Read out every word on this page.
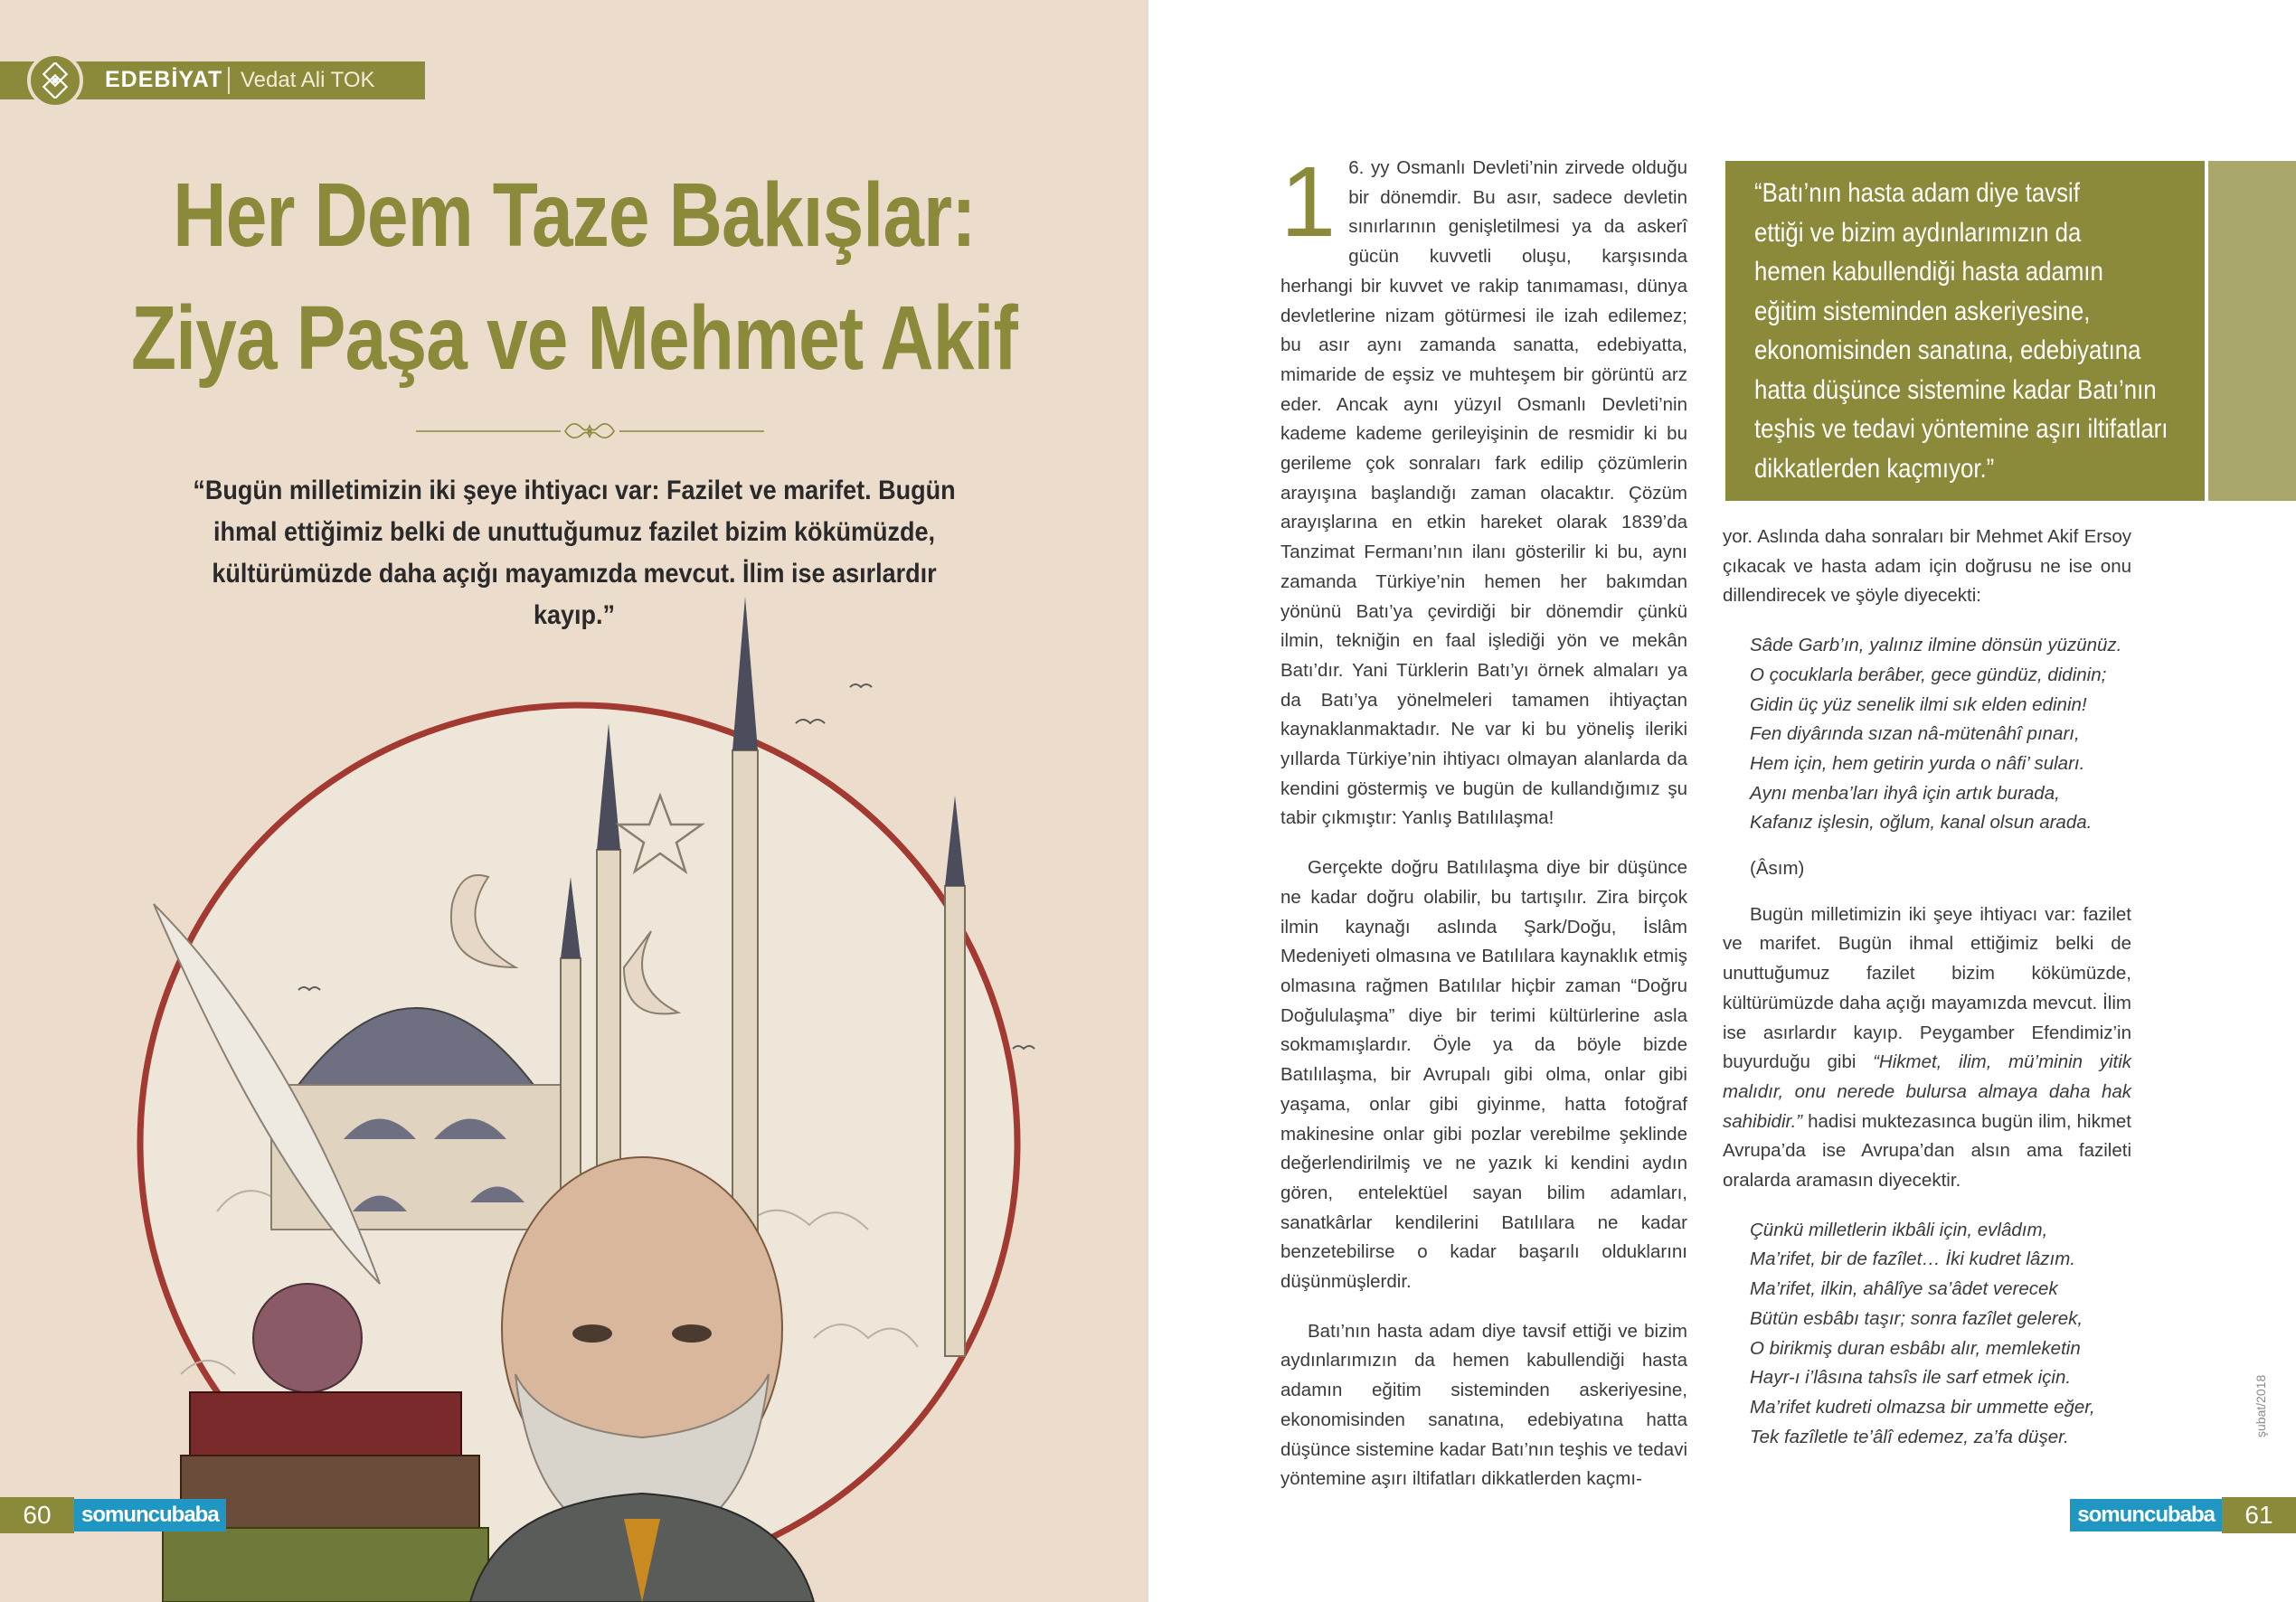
EDEBİYAT Vedat Ali TOK
Her Dem Taze Bakışlar:
Ziya Paşa ve Mehmet Akif

“Bugün milletimizin iki şeye ihtiyacı var: Fazilet ve marifet. Bugün ihmal ettiğimiz belki de unuttuğumuz fazilet bizim kökümüzde, kültürümüzde daha açığı mayamızda mevcut. İlim ise asırlardır kayıp.”

60	somuncubaba
1 6. yy Osmanlı Devleti’nin zirvede olduğu bir dönemdir. Bu asır, sadece devletin sınırlarının genişletilmesi ya da askerî gücün kuvvetli oluşu, karşısında herhangi bir kuvvet ve rakip tanımaması, dünya devletlerine nizam götürmesi ile izah edilemez; bu asır aynı zamanda sanatta, edebiyatta, mimaride de eşsiz ve muhteşem bir görüntü arz eder. Ancak aynı yüzyıl Osmanlı Devleti’nin kademe kademe gerileyişinin de resmidir ki bu gerileme çok sonraları fark edilip çözümlerin arayışına başlandığı zaman olacaktır. Çözüm arayışlarına en etkin hareket olarak 1839’da Tanzimat Fermanı’nın ilanı gösterilir ki bu, aynı zamanda Türkiye’nin hemen her bakımdan yönünü Batı’ya çevirdiği bir dönemdir çünkü ilmin, tekniğin en faal işlediği yön ve mekân Batı’dır. Yani Türklerin Batı’yı örnek almaları ya da Batı’ya yönelmeleri tamamen ihtiyaçtan kaynaklanmaktadır. Ne var ki bu yöneliş ileriki yıllarda Türkiye’nin ihtiyacı olmayan alanlarda da kendini göstermiş ve bugün de kullandığımız şu tabir çıkmıştır: Yanlış Batılılaşma!

Gerçekte doğru Batılılaşma diye bir düşünce ne kadar doğru olabilir, bu tartışılır. Zira birçok ilmin kaynağı aslında Şark/Doğu, İslâm Medeniyeti olmasına ve Batılılara kaynaklık etmiş olmasına rağmen Batılılar hiçbir zaman “Doğru Doğululaşma” diye bir terimi kültürlerine asla sokmamışlardır. Öyle ya da böyle bizde Batılılaşma, bir Avrupalı gibi olma, onlar gibi yaşama, onlar gibi giyinme, hatta fotoğraf makinesine onlar gibi pozlar verebilme şeklinde değerlendirilmiş ve ne yazık ki kendini aydın gören, entelektüel sayan bilim adamları, sanatkârlar kendilerini Batılılara ne kadar benzetebilirse o kadar başarılı olduklarını düşünmüşlerdir.

Batı’nın hasta adam diye tavsif ettiği ve bizim aydınlarımızın da hemen kabullendiği hasta adamın eğitim sisteminden askeriyesine, ekonomisinden sanatına, edebiyatına hatta düşünce sistemine kadar Batı’nın teşhis ve tedavi yöntemine aşırı iltifatları dikkatlerden kaçmı-

“Batı’nın hasta adam diye tavsif
ettiği ve bizim aydınlarımızın da
hemen kabullendiği hasta adamın
eğitim sisteminden askeriyesine,
ekonomisinden sanatına, edebiyatına
hatta düşünce sistemine kadar Batı’nın
teşhis ve tedavi yöntemine aşırı iltifatları
dikkatlerden kaçmıyor.”

yor. Aslında daha sonraları bir Mehmet Akif Ersoy çıkacak ve hasta adam için doğrusu ne ise onu dillendirecek ve şöyle diyecekti:

Sâde Garb’ın, yalınız ilmine dönsün yüzünüz.
O çocuklarla berâber, gece gündüz, didinin;
Gidin üç yüz senelik ilmi sık elden edinin!
Fen diyârında sızan nâ-mütenâhî pınarı,
Hem için, hem getirin yurda o nâfi’ suları.
Aynı menba’ları ihyâ için artık burada,
Kafanız işlesin, oğlum, kanal olsun arada.
(Âsım)

Bugün milletimizin iki şeye ihtiyacı var: fazilet ve marifet. Bugün ihmal ettiğimiz belki de unuttuğumuz fazilet bizim kökümüzde, kültürümüzde daha açığı mayamızda mevcut. İlim ise asırlardır kayıp. Peygamber Efendimiz’in buyurduğu gibi “Hikmet, ilim, mü’minin yitik malıdır, onu nerede bulursa almaya daha hak sahibidir.” hadisi muktezasınca bugün ilim, hikmet Avrupa’da ise Avrupa’dan alsın ama fazileti oralarda aramasın diyecektir.

Çünkü milletlerin ikbâli için, evlâdım,
Ma’rifet, bir de fazîlet… İki kudret lâzım.
Ma’rifet, ilkin, ahâlîye sa’âdet verecek
Bütün esbâbı taşır; sonra fazîlet gelerek,
O birikmiş duran esbâbı alır, memleketin
Hayr-ı i’lâsına tahsîs ile sarf etmek için.
Ma’rifet kudreti olmazsa bir ummette eğer,
Tek fazîletle te’âlî edemez, za’fa düşer.	şubat/2018
somuncubaba	61
